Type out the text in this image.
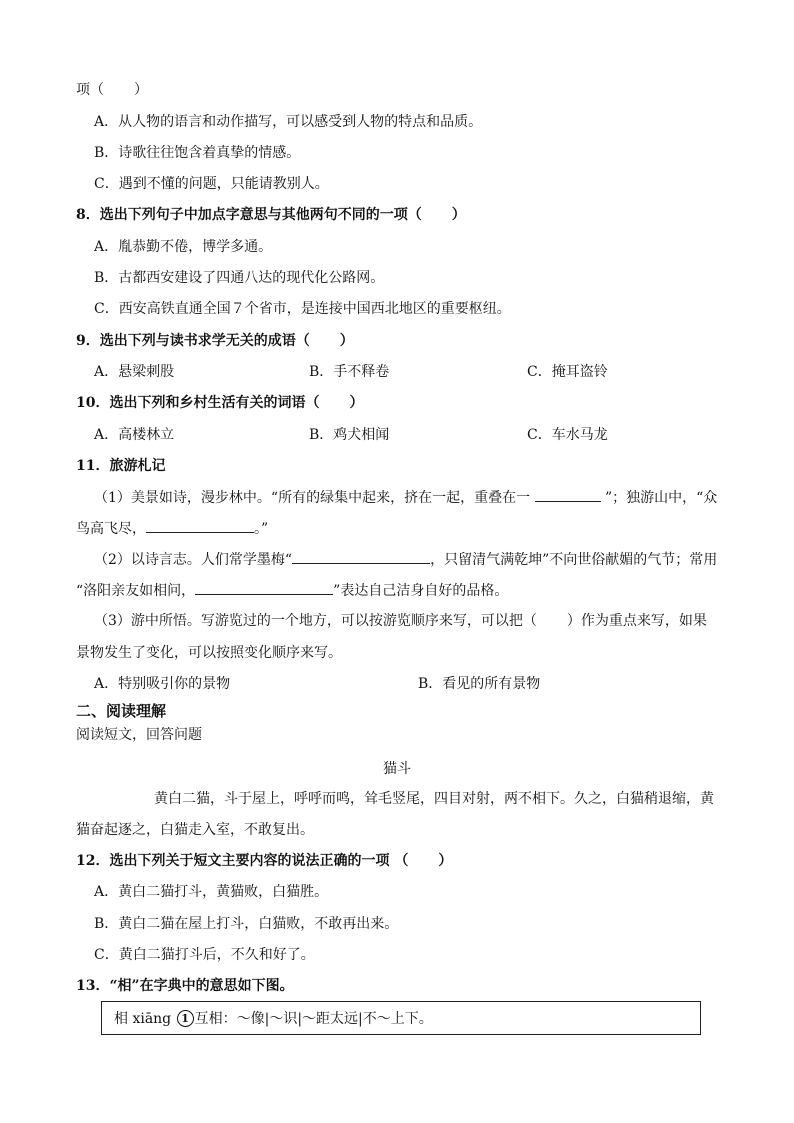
项（ ）
A．从人物的语言和动作描写，可以感受到人物的特点和品质。
B．诗歌往往饱含着真挚的情感。
C．遇到不懂的问题，只能请教别人。
8．选出下列句子中加点字意思与其他两句不同的一项（ ）
A．胤恭勤不倦，博学多通。
B．古都西安建设了四通八达的现代化公路网。
C．西安高铁直通全国７个省市，是连接中国西北地区的重要枢纽。
9．选出下列与读书求学无关的成语（ ）
A．悬梁刺股	B．手不释卷	C．掩耳盗铃
10．选出下列和乡村生活有关的词语（ ）
A．高楼林立	B．鸡犬相闻	C．车水马龙
11．旅游札记
（1）美景如诗，漫步林中。“所有的绿集中起来，挤在一起，重叠在一	”；独游山中，“众
鸟高飞尽，	。”
（2）以诗言志。人们常学墨梅“	，只留清气满乾坤”不向世俗献媚的气节；常用
“洛阳亲友如相问，	”表达自己洁身自好的品格。
（3）游中所悟。写游览过的一个地方，可以按游览顺序来写，可以把（ ）作为重点来写，如果
景物发生了变化，可以按照变化顺序来写。
A．特别吸引你的景物	B．看见的所有景物
二、阅读理解
阅读短文，回答问题
猫斗
黄白二猫，斗于屋上，呼呼而鸣，耸毛竖尾，四目对射，两不相下。久之，白猫稍退缩，黄
猫奋起逐之，白猫走入室，不敢复出。
12．选出下列关于短文主要内容的说法正确的一项 （ ）
A．黄白二猫打斗，黄猫败，白猫胜。
B．黄白二猫在屋上打斗，白猫败，不敢再出来。
C．黄白二猫打斗后，不久和好了。
13．“相”在字典中的意思如下图。
相 xiāng 1 互相：～像|～识|～距太远|不～上下。
